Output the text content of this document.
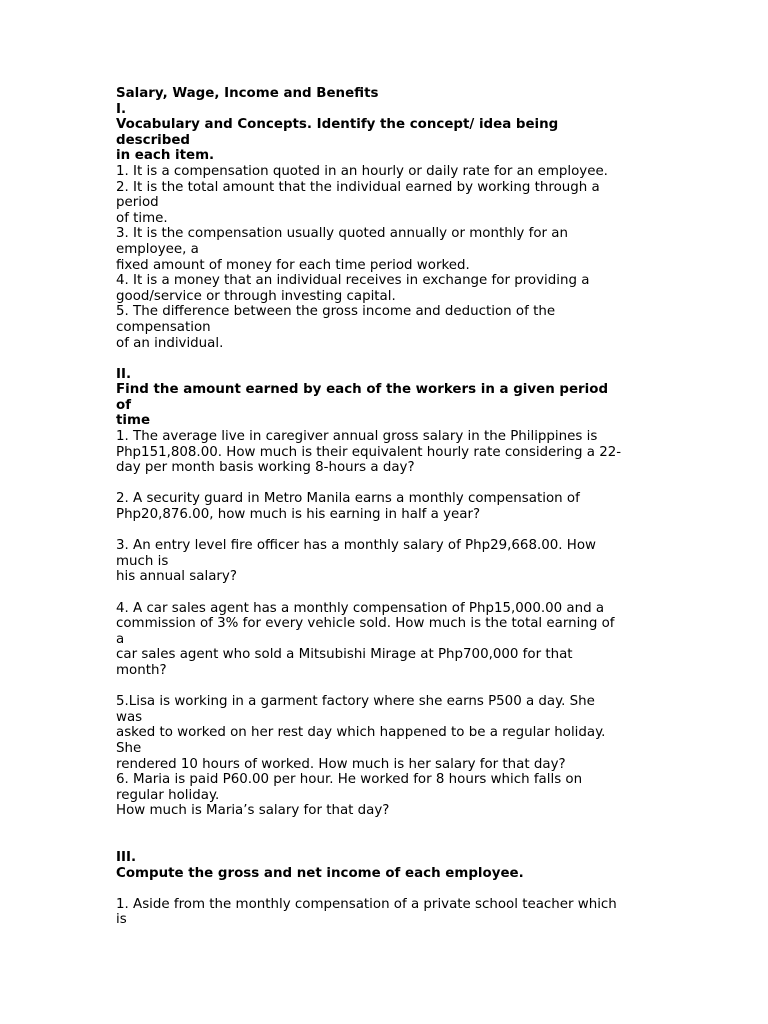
Salary, Wage, Income and Benefits
I.
Vocabulary and Concepts. Identify the concept/ idea being
described
in each item.
1. It is a compensation quoted in an hourly or daily rate for an employee.
2. It is the total amount that the individual earned by working through a
period
of time.
3. It is the compensation usually quoted annually or monthly for an
employee, a
fixed amount of money for each time period worked.
4. It is a money that an individual receives in exchange for providing a
good/service or through investing capital.
5. The difference between the gross income and deduction of the
compensation
of an individual.
II.
Find the amount earned by each of the workers in a given period
of
time
1. The average live in caregiver annual gross salary in the Philippines is
Php151,808.00. How much is their equivalent hourly rate considering a 22-
day per month basis working 8-hours a day?
2. A security guard in Metro Manila earns a monthly compensation of
Php20,876.00, how much is his earning in half a year?
3. An entry level fire officer has a monthly salary of Php29,668.00. How
much is
his annual salary?
4. A car sales agent has a monthly compensation of Php15,000.00 and a
commission of 3% for every vehicle sold. How much is the total earning of
a
car sales agent who sold a Mitsubishi Mirage at Php700,000 for that
month?
5.Lisa is working in a garment factory where she earns P500 a day. She
was
asked to worked on her rest day which happened to be a regular holiday.
She
rendered 10 hours of worked. How much is her salary for that day?
6. Maria is paid P60.00 per hour. He worked for 8 hours which falls on
regular holiday.
How much is Maria’s salary for that day?
III.
Compute the gross and net income of each employee.
1. Aside from the monthly compensation of a private school teacher which
is
